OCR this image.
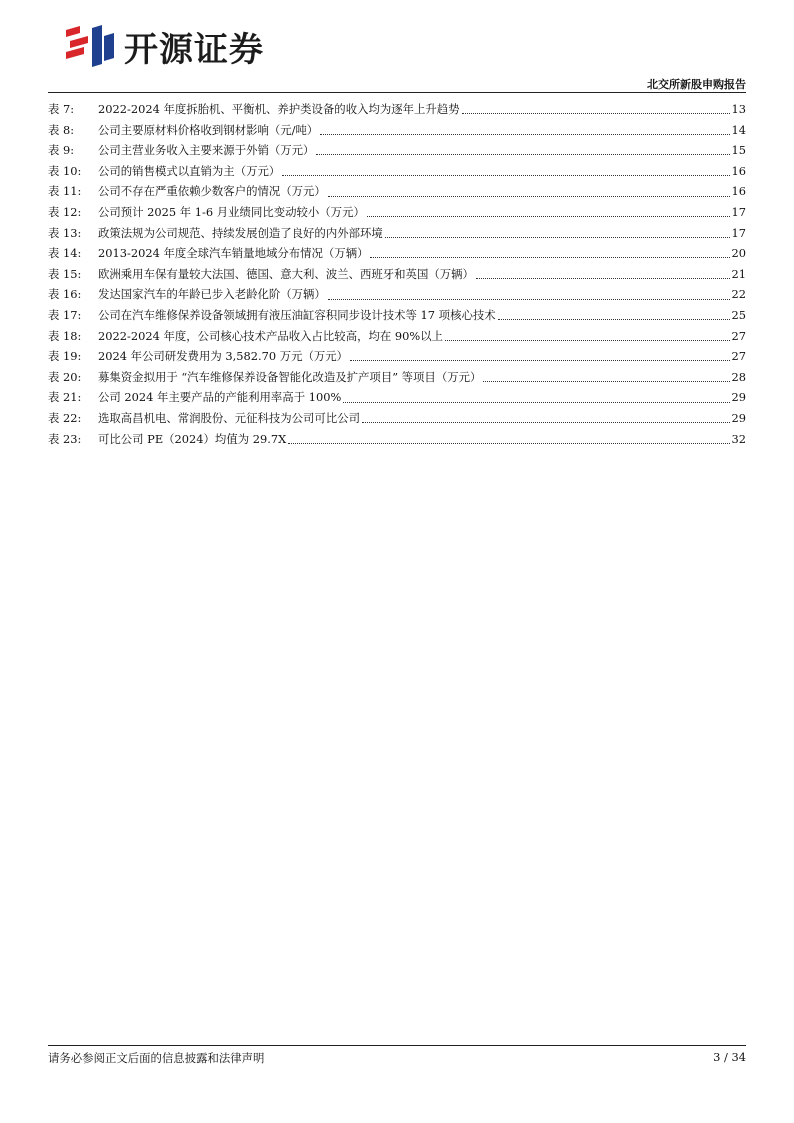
开源证券
北交所新股申购报告
表 7:	2022-2024 年度拆胎机、平衡机、养护类设备的收入均为逐年上升趋势	13
表 8:	公司主要原材料价格收到钢材影响（元/吨）	14
表 9:	公司主营业务收入主要来源于外销（万元）	15
表 10:	公司的销售模式以直销为主（万元）	16
表 11:	公司不存在严重依赖少数客户的情况（万元）	16
表 12:	公司预计 2025 年 1-6 月业绩同比变动较小（万元）	17
表 13:	政策法规为公司规范、持续发展创造了良好的内外部环境	17
表 14:	2013-2024 年度全球汽车销量地域分布情况（万辆）	20
表 15:	欧洲乘用车保有量较大法国、德国、意大利、波兰、西班牙和英国（万辆）	21
表 16:	发达国家汽车的年龄已步入老龄化阶（万辆）	22
表 17:	公司在汽车维修保养设备领域拥有液压油缸容积同步设计技术等 17 项核心技术	25
表 18:	2022-2024 年度，公司核心技术产品收入占比较高，均在 90%以上	27
表 19:	2024 年公司研发费用为 3,582.70 万元（万元）	27
表 20:	募集资金拟用于 “汽车维修保养设备智能化改造及扩产项目” 等项目（万元）	28
表 21:	公司 2024 年主要产品的产能利用率高于 100%	29
表 22:	选取高昌机电、常润股份、元征科技为公司可比公司	29
表 23:	可比公司 PE（2024）均值为 29.7X	32
请务必参阅正文后面的信息披露和法律声明	3 / 34
